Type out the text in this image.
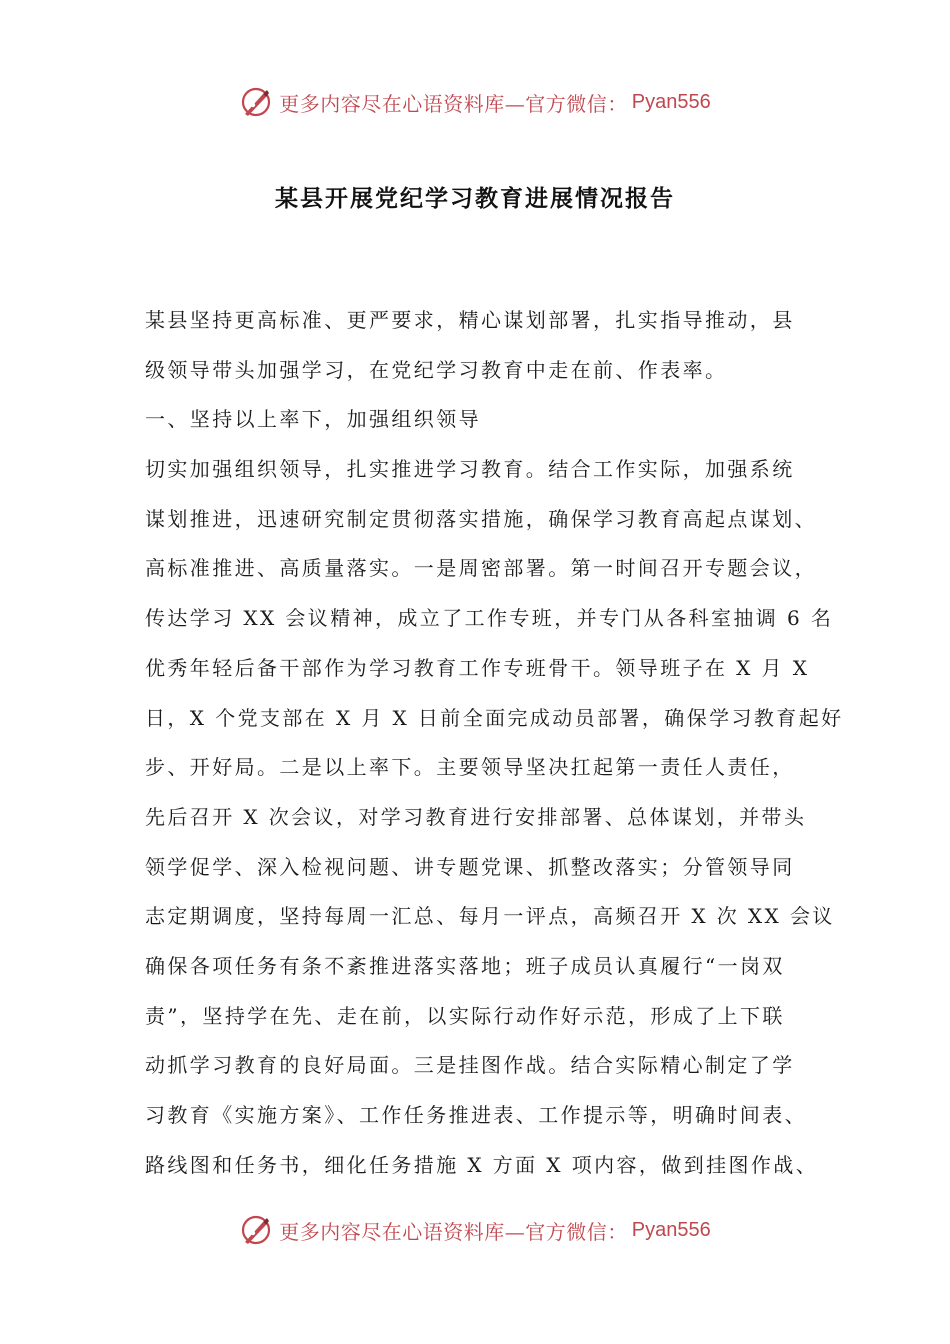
更多内容尽在心语资料库—官方微信： Pyan556
某县开展党纪学习教育进展情况报告
某县坚持更高标准、更严要求，精心谋划部署，扎实指导推动，县
级领导带头加强学习，在党纪学习教育中走在前、作表率。
一、坚持以上率下，加强组织领导
切实加强组织领导，扎实推进学习教育。结合工作实际，加强系统
谋划推进，迅速研究制定贯彻落实措施，确保学习教育高起点谋划、
高标准推进、高质量落实。一是周密部署。第一时间召开专题会议，
传达学习 XX 会议精神，成立了工作专班，并专门从各科室抽调 6 名
优秀年轻后备干部作为学习教育工作专班骨干。领导班子在 X 月 X
日，X 个党支部在 X 月 X 日前全面完成动员部署，确保学习教育起好
步、开好局。二是以上率下。主要领导坚决扛起第一责任人责任，
先后召开 X 次会议，对学习教育进行安排部署、总体谋划，并带头
领学促学、深入检视问题、讲专题党课、抓整改落实；分管领导同
志定期调度，坚持每周一汇总、每月一评点，高频召开 X 次 XX 会议
确保各项任务有条不紊推进落实落地；班子成员认真履行“一岗双
责”，坚持学在先、走在前，以实际行动作好示范，形成了上下联
动抓学习教育的良好局面。三是挂图作战。结合实际精心制定了学
习教育《实施方案》、工作任务推进表、工作提示等，明确时间表、
路线图和任务书，细化任务措施 X 方面 X 项内容，做到挂图作战、
更多内容尽在心语资料库—官方微信： Pyan556
